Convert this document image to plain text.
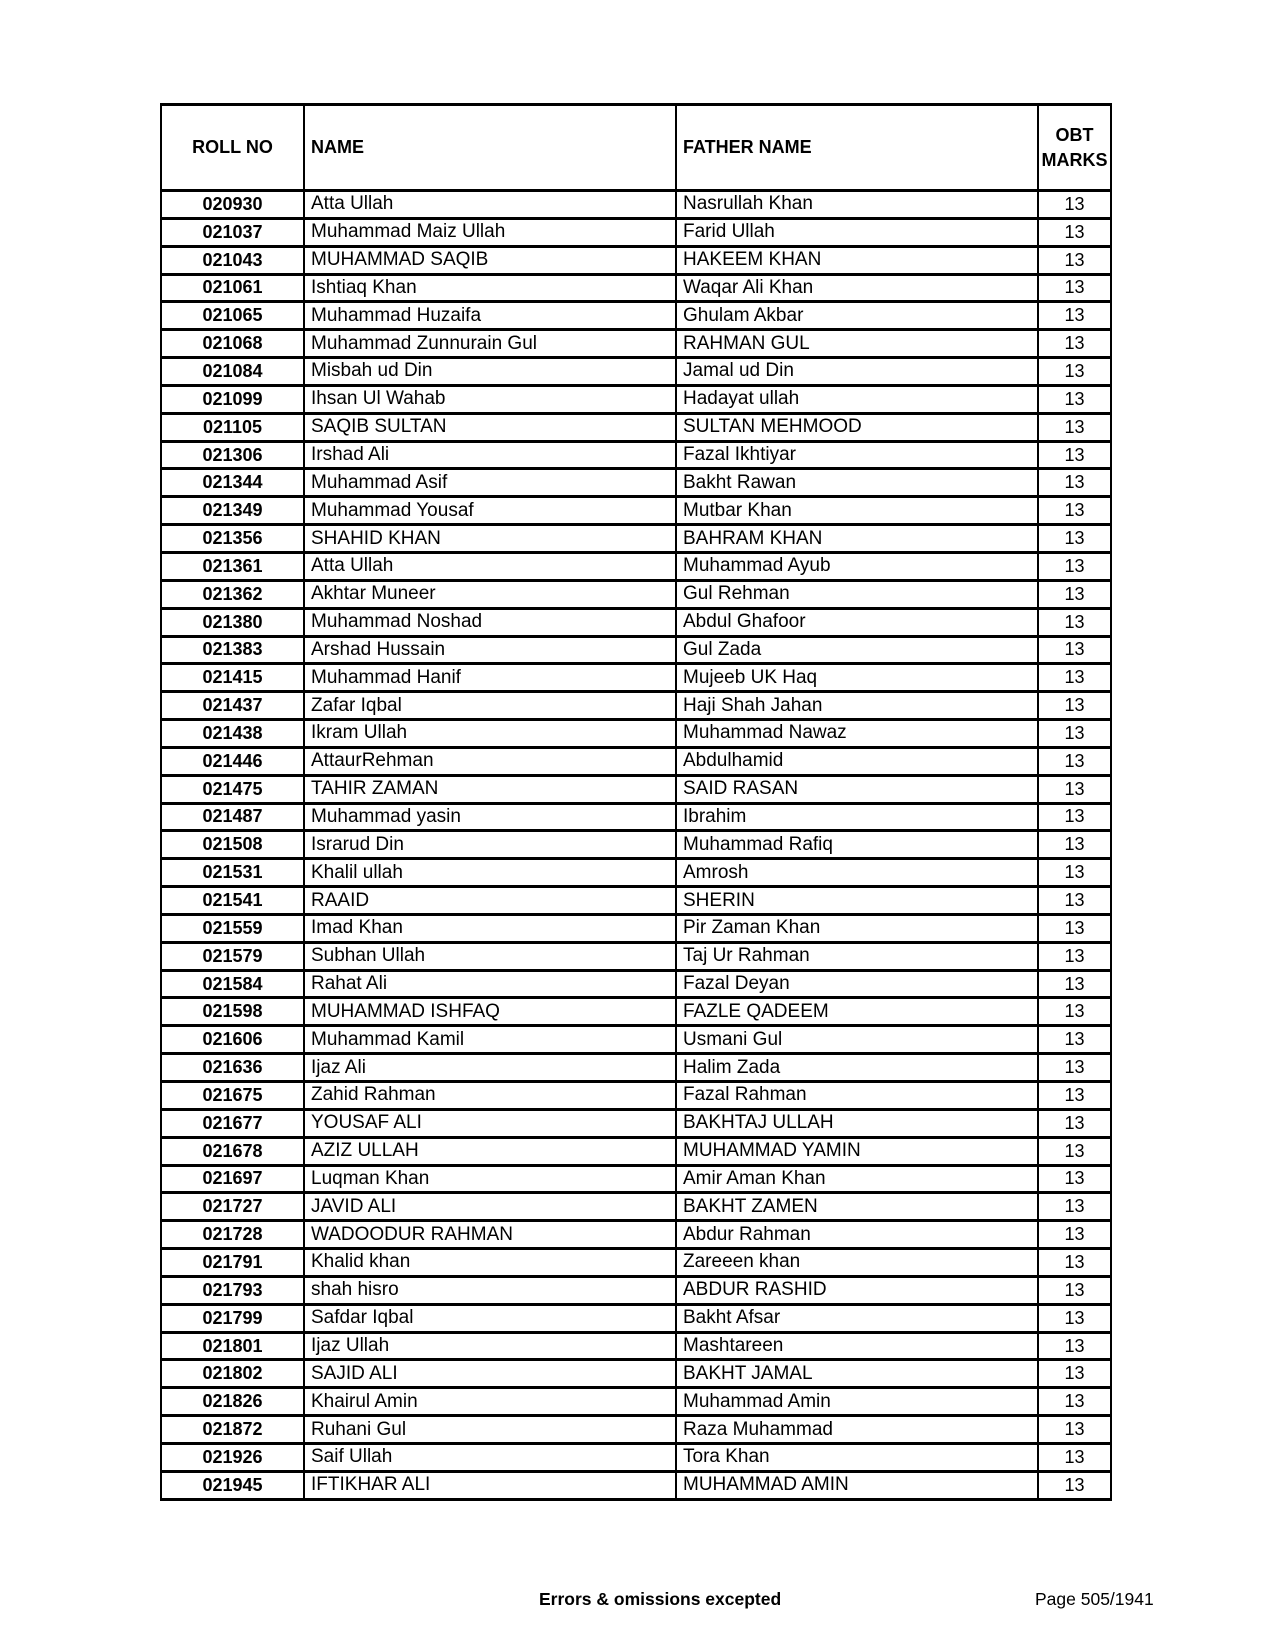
ROLL NO	NAME	FATHER NAME	OBT MARKS
020930	Atta Ullah	Nasrullah Khan	13
021037	Muhammad Maiz Ullah	Farid Ullah	13
021043	MUHAMMAD SAQIB	HAKEEM KHAN	13
021061	Ishtiaq Khan	Waqar Ali Khan	13
021065	Muhammad Huzaifa	Ghulam Akbar	13
021068	Muhammad Zunnurain Gul	RAHMAN GUL	13
021084	Misbah ud Din	Jamal ud Din	13
021099	Ihsan Ul Wahab	Hadayat ullah	13
021105	SAQIB SULTAN	SULTAN MEHMOOD	13
021306	Irshad Ali	Fazal Ikhtiyar	13
021344	Muhammad Asif	Bakht Rawan	13
021349	Muhammad Yousaf	Mutbar Khan	13
021356	SHAHID KHAN	BAHRAM KHAN	13
021361	Atta Ullah	Muhammad Ayub	13
021362	Akhtar Muneer	Gul Rehman	13
021380	Muhammad Noshad	Abdul Ghafoor	13
021383	Arshad Hussain	Gul Zada	13
021415	Muhammad Hanif	Mujeeb UK Haq	13
021437	Zafar Iqbal	Haji Shah Jahan	13
021438	Ikram Ullah	Muhammad Nawaz	13
021446	AttaurRehman	Abdulhamid	13
021475	TAHIR ZAMAN	SAID RASAN	13
021487	Muhammad yasin	Ibrahim	13
021508	Israrud Din	Muhammad Rafiq	13
021531	Khalil ullah	Amrosh	13
021541	RAAID	SHERIN	13
021559	Imad Khan	Pir Zaman Khan	13
021579	Subhan Ullah	Taj Ur Rahman	13
021584	Rahat Ali	Fazal Deyan	13
021598	MUHAMMAD ISHFAQ	FAZLE QADEEM	13
021606	Muhammad Kamil	Usmani Gul	13
021636	Ijaz Ali	Halim Zada	13
021675	Zahid Rahman	Fazal Rahman	13
021677	YOUSAF ALI	BAKHTAJ ULLAH	13
021678	AZIZ ULLAH	MUHAMMAD YAMIN	13
021697	Luqman Khan	Amir Aman Khan	13
021727	JAVID ALI	BAKHT ZAMEN	13
021728	WADOODUR RAHMAN	Abdur Rahman	13
021791	Khalid khan	Zareeen khan	13
021793	shah hisro	ABDUR RASHID	13
021799	Safdar Iqbal	Bakht Afsar	13
021801	Ijaz Ullah	Mashtareen	13
021802	SAJID ALI	BAKHT JAMAL	13
021826	Khairul Amin	Muhammad Amin	13
021872	Ruhani Gul	Raza Muhammad	13
021926	Saif Ullah	Tora Khan	13
021945	IFTIKHAR ALI	MUHAMMAD AMIN	13
Errors & omissions excepted	Page 505/1941
